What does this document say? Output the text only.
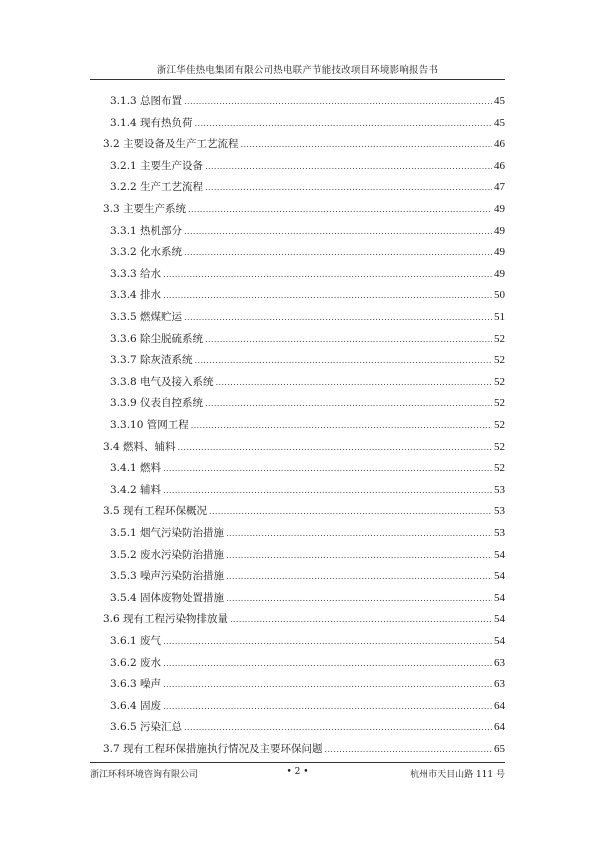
浙江华佳热电集团有限公司热电联产节能技改项目环境影响报告书
3.1.3 总图布置 .....	45
3.1.4 现有热负荷 .....	45
3.2 主要设备及生产工艺流程 .....	46
3.2.1 主要生产设备 .....	46
3.2.2 生产工艺流程 .....	47
3.3 主要生产系统 .....	49
3.3.1 热机部分 .....	49
3.3.2 化水系统 .....	49
3.3.3 给水 .....	49
3.3.4 排水 .....	50
3.3.5 燃煤贮运 .....	51
3.3.6 除尘脱硫系统 .....	52
3.3.7 除灰渣系统 .....	52
3.3.8 电气及接入系统 .....	52
3.3.9 仪表自控系统 .....	52
3.3.10 管网工程 .....	52
3.4 燃料、辅料 .....	52
3.4.1 燃料 .....	52
3.4.2 辅料 .....	53
3.5 现有工程环保概况 .....	53
3.5.1 烟气污染防治措施 .....	53
3.5.2 废水污染防治措施 .....	54
3.5.3 噪声污染防治措施 .....	54
3.5.4 固体废物处置措施 .....	54
3.6 现有工程污染物排放量 .....	54
3.6.1 废气 .....	54
3.6.2 废水 .....	63
3.6.3 噪声 .....	63
3.6.4 固废 .....	64
3.6.5 污染汇总 .....	64
3.7 现有工程环保措施执行情况及主要环保问题 .....	65
浙江环科环境咨询有限公司	• 2 •	杭州市天目山路 111 号
